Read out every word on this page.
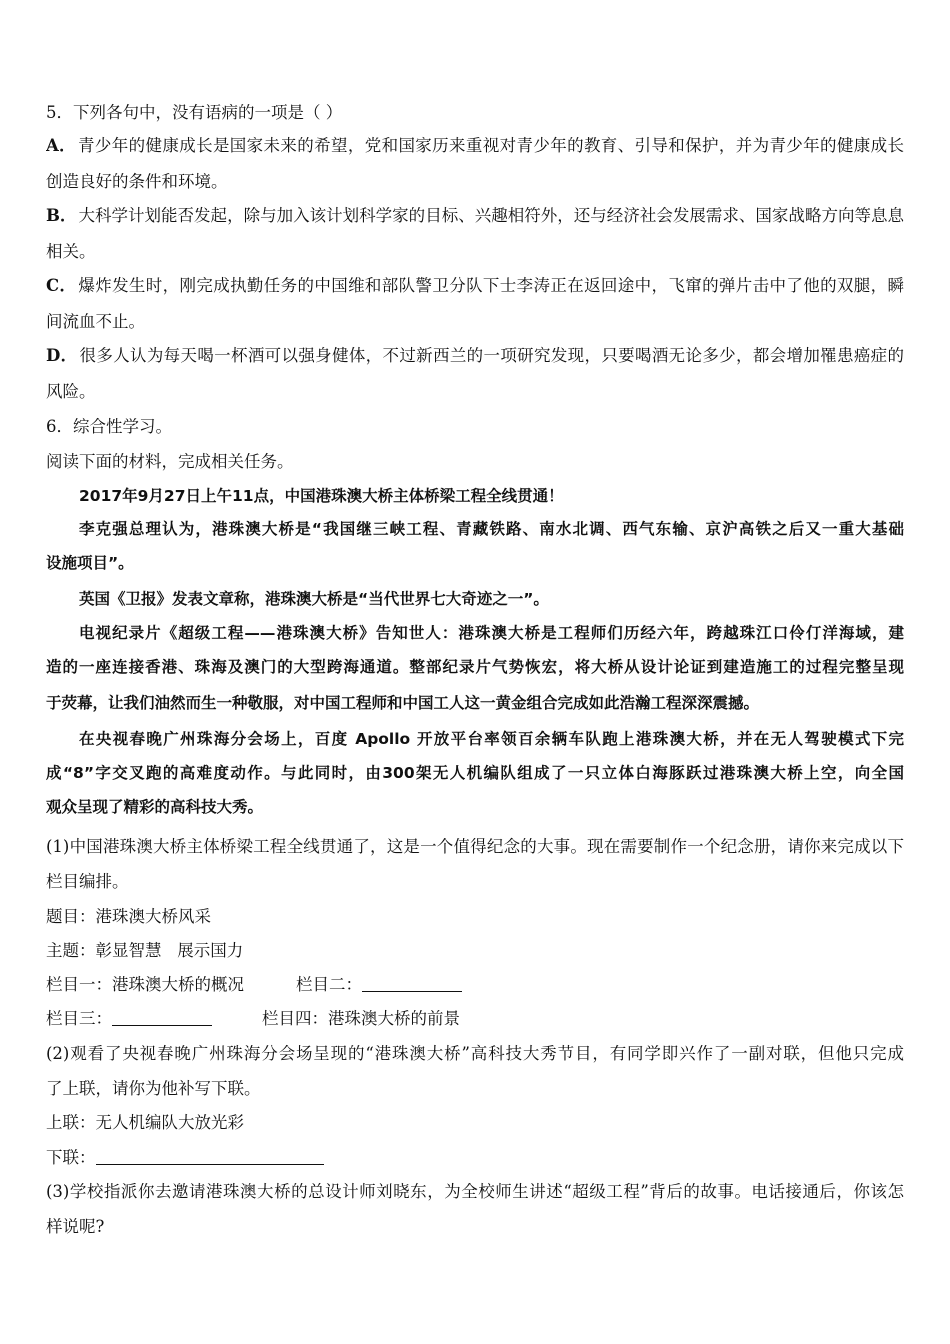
5．下列各句中，没有语病的一项是（ ）
A． 青少年的健康成长是国家未来的希望，党和国家历来重视对青少年的教育、引导和保护，并为青少年的健康成长
创造良好的条件和环境。
B． 大科学计划能否发起，除与加入该计划科学家的目标、兴趣相符外，还与经济社会发展需求、国家战略方向等息息
相关。
C． 爆炸发生时，刚完成执勤任务的中国维和部队警卫分队下士李涛正在返回途中，飞窜的弹片击中了他的双腿，瞬
间流血不止。
D． 很多人认为每天喝一杯酒可以强身健体，不过新西兰的一项研究发现，只要喝酒无论多少，都会增加罹患癌症的
风险。
6．综合性学习。
阅读下面的材料，完成相关任务。
2017年9月27日上午11点，中国港珠澳大桥主体桥梁工程全线贯通！
李克强总理认为，港珠澳大桥是“我国继三峡工程、青藏铁路、南水北调、西气东输、京沪高铁之后又一重大基础
设施项目”。
英国《卫报》发表文章称，港珠澳大桥是“当代世界七大奇迹之一”。
电视纪录片《超级工程——港珠澳大桥》告知世人：港珠澳大桥是工程师们历经六年，跨越珠江口伶仃洋海域，建
造的一座连接香港、珠海及澳门的大型跨海通道。整部纪录片气势恢宏，将大桥从设计论证到建造施工的过程完整呈现
于荧幕，让我们油然而生一种敬服，对中国工程师和中国工人这一黄金组合完成如此浩瀚工程深深震撼。
在央视春晚广州珠海分会场上，百度 Apollo 开放平台率领百余辆车队跑上港珠澳大桥，并在无人驾驶模式下完
成“8”字交叉跑的高难度动作。与此同时，由300架无人机编队组成了一只立体白海豚跃过港珠澳大桥上空，向全国
观众呈现了精彩的高科技大秀。
(1)中国港珠澳大桥主体桥梁工程全线贯通了，这是一个值得纪念的大事。现在需要制作一个纪念册，请你来完成以下
栏目编排。
题目：港珠澳大桥风采
主题：彰显智慧   展示国力
栏目一：港珠澳大桥的概况	栏目二：
栏目三：	栏目四：港珠澳大桥的前景
(2)观看了央视春晚广州珠海分会场呈现的“港珠澳大桥”高科技大秀节目，有同学即兴作了一副对联，但他只完成
了上联，请你为他补写下联。
上联：无人机编队大放光彩
下联：
(3)学校指派你去邀请港珠澳大桥的总设计师刘晓东，为全校师生讲述“超级工程”背后的故事。电话接通后，你该怎
样说呢?
